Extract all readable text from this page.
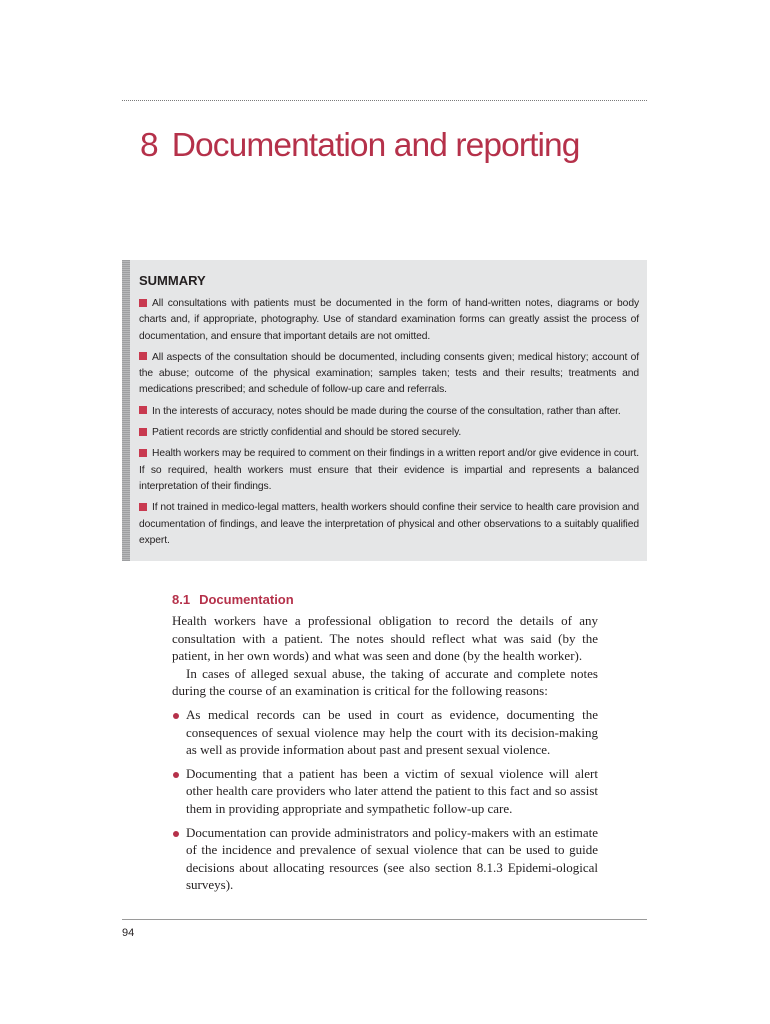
8 Documentation and reporting
SUMMARY

All consultations with patients must be documented in the form of hand-written notes, diagrams or body charts and, if appropriate, photography. Use of standard examination forms can greatly assist the process of documentation, and ensure that important details are not omitted.

All aspects of the consultation should be documented, including consents given; medical history; account of the abuse; outcome of the physical examination; samples taken; tests and their results; treatments and medications prescribed; and schedule of follow-up care and referrals.

In the interests of accuracy, notes should be made during the course of the consultation, rather than after.

Patient records are strictly confidential and should be stored securely.

Health workers may be required to comment on their findings in a written report and/or give evidence in court. If so required, health workers must ensure that their evidence is impartial and represents a balanced interpretation of their findings.

If not trained in medico-legal matters, health workers should confine their service to health care provision and documentation of findings, and leave the interpretation of physical and other observations to a suitably qualified expert.

8.1 Documentation

Health workers have a professional obligation to record the details of any consultation with a patient. The notes should reflect what was said (by the patient, in her own words) and what was seen and done (by the health worker).

In cases of alleged sexual abuse, the taking of accurate and complete notes during the course of an examination is critical for the following reasons:

As medical records can be used in court as evidence, documenting the consequences of sexual violence may help the court with its decision-making as well as provide information about past and present sexual violence.
Documenting that a patient has been a victim of sexual violence will alert other health care providers who later attend the patient to this fact and so assist them in providing appropriate and sympathetic follow-up care.
Documentation can provide administrators and policy-makers with an estimate of the incidence and prevalence of sexual violence that can be used to guide decisions about allocating resources (see also section 8.1.3 Epidemi-ological surveys).
94
